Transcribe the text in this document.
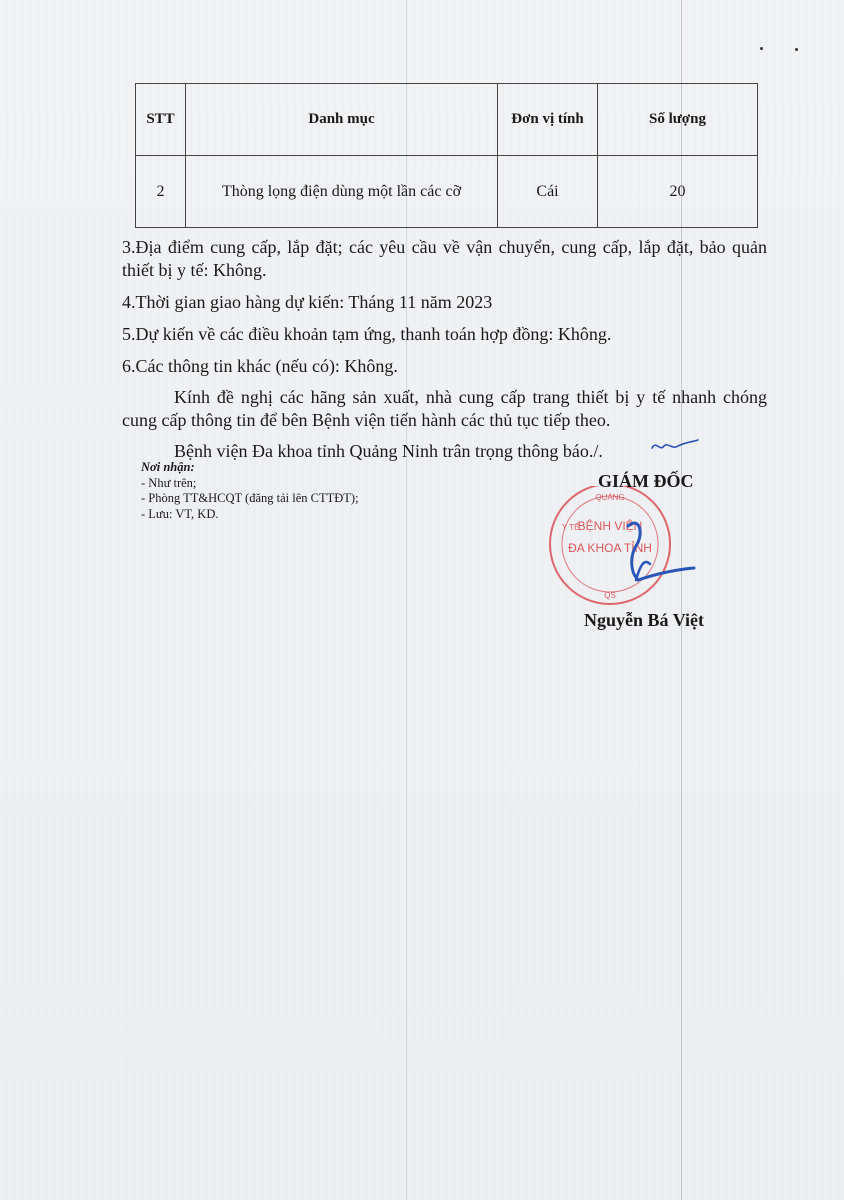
STT	Danh mục	Đơn vị tính	Số lượng
2	Thòng lọng điện dùng một lần các cỡ	Cái	20

3.Địa điểm cung cấp, lắp đặt; các yêu cầu về vận chuyển, cung cấp, lắp đặt, bảo quản thiết bị y tế: Không.

4.Thời gian giao hàng dự kiến: Tháng 11 năm 2023

5.Dự kiến về các điều khoản tạm ứng, thanh toán hợp đồng: Không.

6.Các thông tin khác (nếu có): Không.

Kính đề nghị các hãng sản xuất, nhà cung cấp trang thiết bị y tế nhanh chóng cung cấp thông tin để bên Bệnh viện tiến hành các thủ tục tiếp theo.

Bệnh viện Đa khoa tỉnh Quảng Ninh trân trọng thông báo./.

Nơi nhận:
- Như trên;
- Phòng TT&HCQT (đăng tải lên CTTĐT);
- Lưu: VT, KD.
QUẢNG
Y TẾ
QS
BỆNH VIỆN
ĐA KHOA TỈNH
GIÁM ĐỐC
Nguyễn Bá Việt
